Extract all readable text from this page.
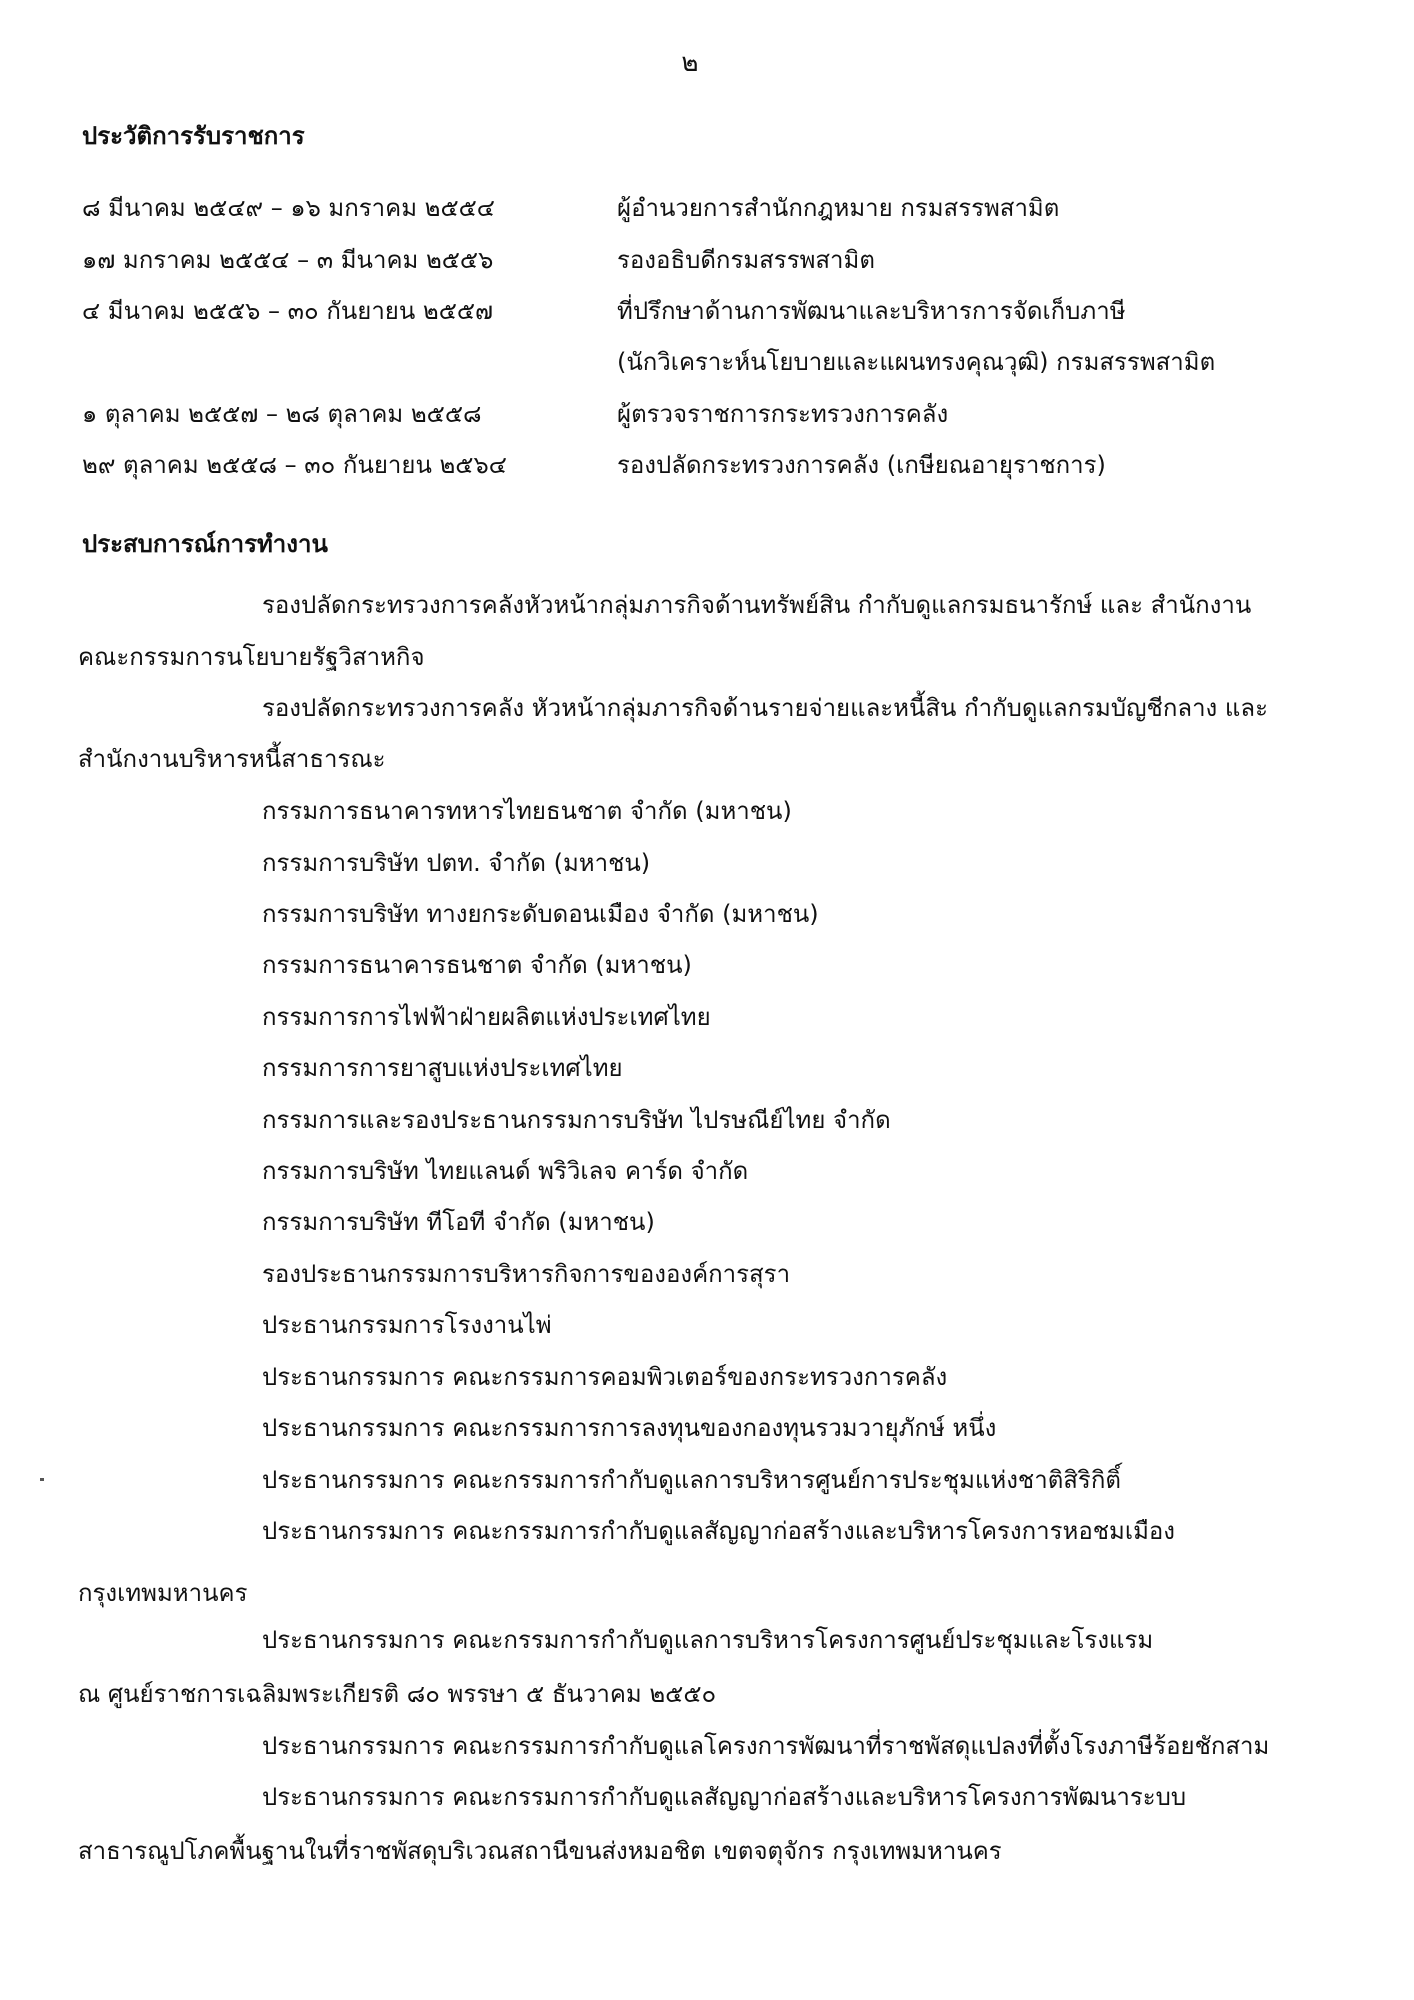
๒
ประวัติการรับราชการ
๘ มีนาคม ๒๕๔๙ – ๑๖ มกราคม ๒๕๕๔	ผู้อำนวยการสำนักกฎหมาย กรมสรรพสามิต
๑๗ มกราคม ๒๕๕๔ – ๓ มีนาคม ๒๕๕๖	รองอธิบดีกรมสรรพสามิต
๔ มีนาคม ๒๕๕๖ – ๓๐ กันยายน ๒๕๕๗	ที่ปรึกษาด้านการพัฒนาและบริหารการจัดเก็บภาษี
(นักวิเคราะห์นโยบายและแผนทรงคุณวุฒิ) กรมสรรพสามิต
๑ ตุลาคม ๒๕๕๗ – ๒๘ ตุลาคม ๒๕๕๘	ผู้ตรวจราชการกระทรวงการคลัง
๒๙ ตุลาคม ๒๕๕๘ – ๓๐ กันยายน ๒๕๖๔	รองปลัดกระทรวงการคลัง (เกษียณอายุราชการ)
ประสบการณ์การทำงาน
รองปลัดกระทรวงการคลังหัวหน้ากลุ่มภารกิจด้านทรัพย์สิน กำกับดูแลกรมธนารักษ์ และ สำนักงาน
คณะกรรมการนโยบายรัฐวิสาหกิจ
รองปลัดกระทรวงการคลัง หัวหน้ากลุ่มภารกิจด้านรายจ่ายและหนี้สิน กำกับดูแลกรมบัญชีกลาง และ
สำนักงานบริหารหนี้สาธารณะ
กรรมการธนาคารทหารไทยธนชาต จำกัด (มหาชน)
กรรมการบริษัท ปตท. จำกัด (มหาชน)
กรรมการบริษัท ทางยกระดับดอนเมือง จำกัด (มหาชน)
กรรมการธนาคารธนชาต จำกัด (มหาชน)
กรรมการการไฟฟ้าฝ่ายผลิตแห่งประเทศไทย
กรรมการการยาสูบแห่งประเทศไทย
กรรมการและรองประธานกรรมการบริษัท ไปรษณีย์ไทย จำกัด
กรรมการบริษัท ไทยแลนด์ พริวิเลจ คาร์ด จำกัด
กรรมการบริษัท ทีโอที จำกัด (มหาชน)
รองประธานกรรมการบริหารกิจการขององค์การสุรา
ประธานกรรมการโรงงานไพ่
ประธานกรรมการ คณะกรรมการคอมพิวเตอร์ของกระทรวงการคลัง
ประธานกรรมการ คณะกรรมการการลงทุนของกองทุนรวมวายุภักษ์ หนึ่ง
ประธานกรรมการ คณะกรรมการกำกับดูแลการบริหารศูนย์การประชุมแห่งชาติสิริกิติ์
ประธานกรรมการ คณะกรรมการกำกับดูแลสัญญาก่อสร้างและบริหารโครงการหอชมเมือง
กรุงเทพมหานคร
ประธานกรรมการ คณะกรรมการกำกับดูแลการบริหารโครงการศูนย์ประชุมและโรงแรม
ณ ศูนย์ราชการเฉลิมพระเกียรติ ๘๐ พรรษา ๕ ธันวาคม ๒๕๕๐
ประธานกรรมการ คณะกรรมการกำกับดูแลโครงการพัฒนาที่ราชพัสดุแปลงที่ตั้งโรงภาษีร้อยชักสาม
ประธานกรรมการ คณะกรรมการกำกับดูแลสัญญาก่อสร้างและบริหารโครงการพัฒนาระบบ
สาธารณูปโภคพื้นฐานในที่ราชพัสดุบริเวณสถานีขนส่งหมอชิต เขตจตุจักร กรุงเทพมหานคร
